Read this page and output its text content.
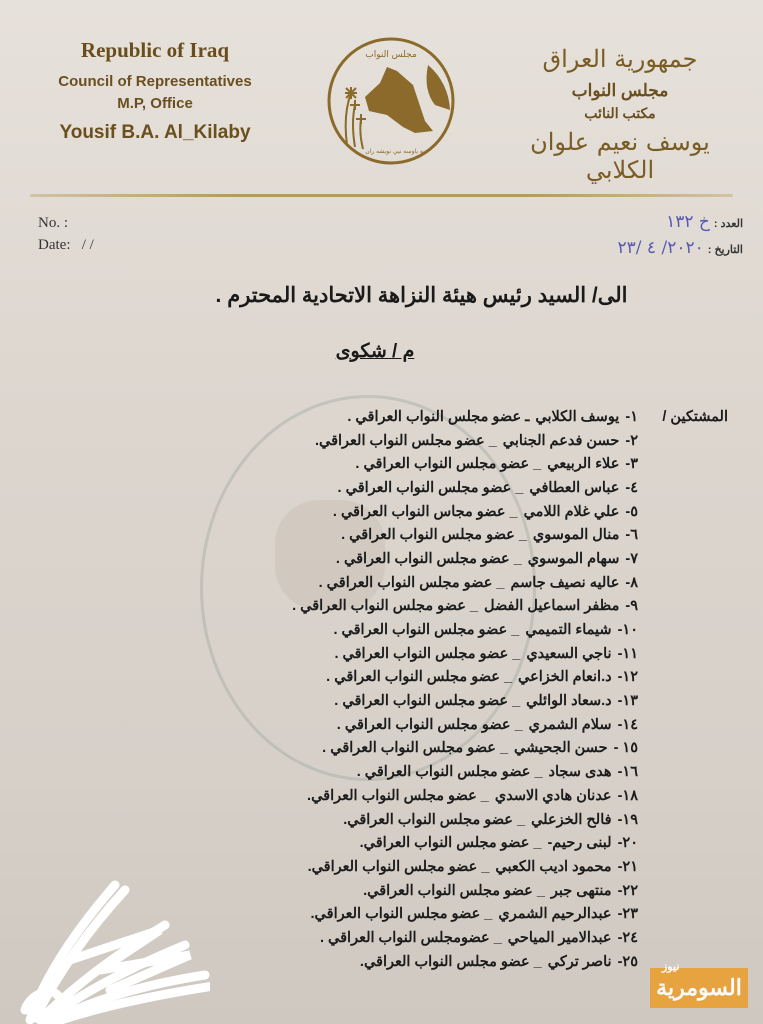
Republic of Iraq
Council of Representatives
M.P, Office
Yousif B.A. Al_Kilaby
مجلس النواب
نه ياوسه نيي نويشه ران
جمهورية العراق
مجلس النواب
مكتب النائب
يوسف نعيم علوان الكلابي
No. :
Date: / /
العدد :خ ١٣٢
التاريخ :٢٠٢٠/ ٤ /٢٣
الى/ السيد رئيس هيئة النزاهة الاتحادية المحترم .
م / شكوى
المشتكين /
١-
يوسف الكلابي
ـ عضو مجلس النواب العراقي .
٢-
حسن فدعم الجنابي
_ عضو مجلس النواب العراقي.
٣-
علاء الربيعي
_ عضو مجلس النواب العراقي .
٤-
عباس العطافي
_ عضو مجلس النواب العراقي .
٥-
علي غلام اللامي
_ عضو مجاس النواب العراقي .
٦-
منال الموسوي
_ عضو مجلس النواب العراقي .
٧-
سهام الموسوي
_ عضو مجلس النواب العراقي .
٨-
عاليه نصيف جاسم
_ عضو مجلس النواب العراقي .
٩-
مظفر اسماعيل الفضل
_ عضو مجلس النواب العراقي .
١٠-
شيماء التميمي
_ عضو مجلس النواب العراقي .
١١-
ناجي السعيدي
_ عضو مجلس النواب العراقي .
١٢-
د.انعام الخزاعي
_ عضو مجلس النواب العراقي .
١٣-
د.سعاد الوائلي
_ عضو مجلس النواب العراقي .
١٤-
سلام الشمري
_ عضو مجلس النواب العراقي .
١٥ -
حسن الجحيشي
_ عضو مجلس النواب العراقي .
١٦-
هدى سجاد
_ عضو مجلس النواب العراقي .
١٨-
عدنان هادي الاسدي
_ عضو مجلس النواب العراقي.
١٩-
فالح الخزعلي
_ عضو مجلس النواب العراقي.
٢٠-
لبنى رحيم-
_ عضو مجلس النواب العراقي.
٢١-
محمود اديب الكعبي
_ عضو مجلس النواب العراقي.
٢٢-
منتهى جبر
_ عضو مجلس النواب العراقي.
٢٣-
عبدالرحيم الشمري
_ عضو مجلس النواب العراقي.
٢٤-
عبدالامير المياحي
_ عضومجلس النواب العراقي .
٢٥-
ناصر تركي
_ عضو مجلس النواب العراقي.
السومرية
نيوز
